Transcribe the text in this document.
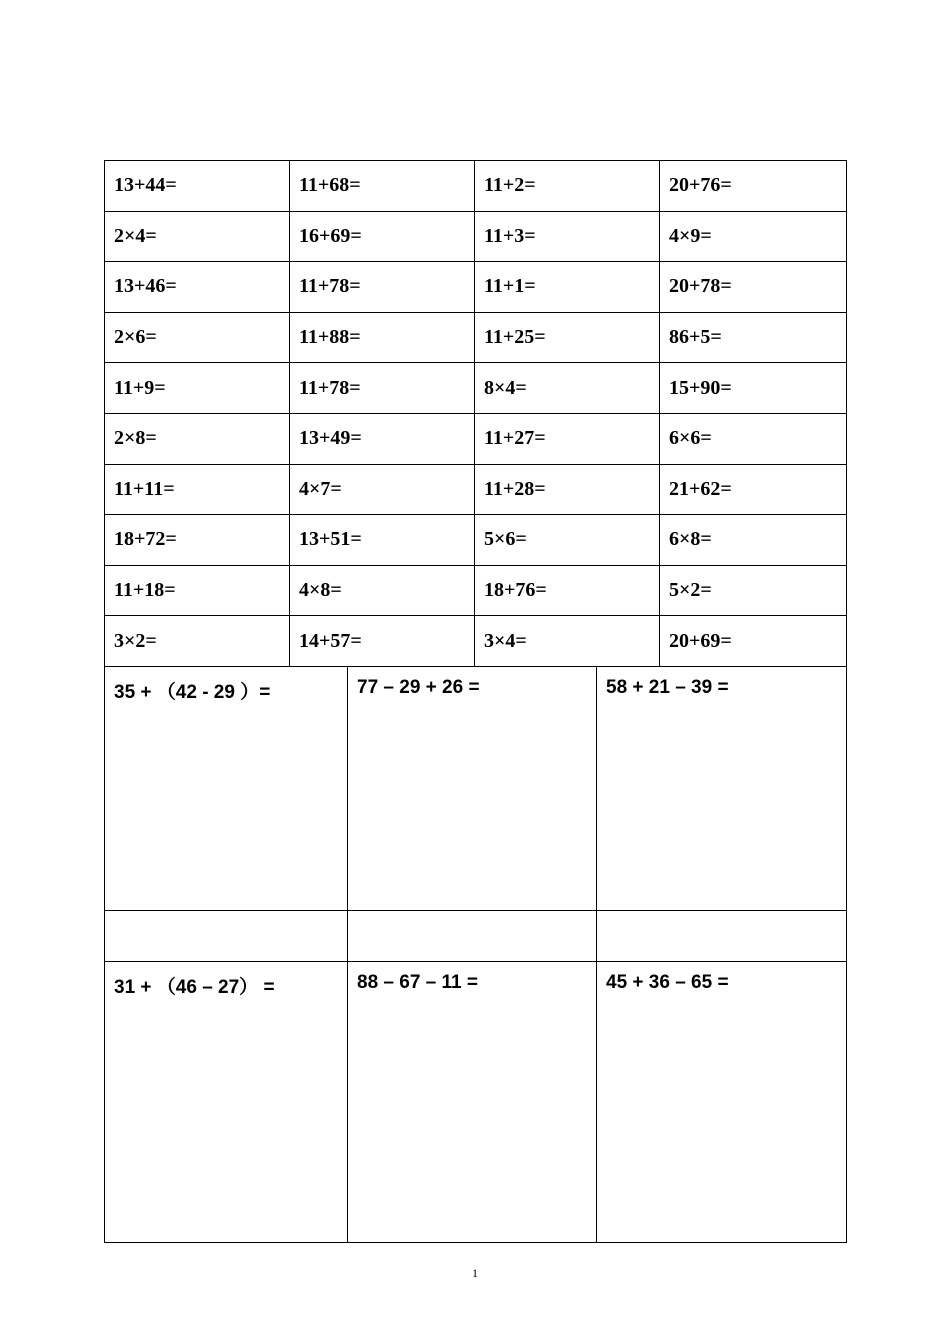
13+44=	11+68=	11+2=	20+76=
2×4=	16+69=	11+3=	4×9=
13+46=	11+78=	11+1=	20+78=
2×6=	11+88=	11+25=	86+5=
11+9=	11+78=	8×4=	15+90=
2×8=	13+49=	11+27=	6×6=
11+11=	4×7=	11+28=	21+62=
18+72=	13+51=	5×6=	6×8=
11+18=	4×8=	18+76=	5×2=
3×2=	14+57=	3×4=	20+69=
35 + （42 - 29 ）=	77 – 29 + 26 =	58 + 21 – 39 =

31 + （46 – 27） =	88 – 67 – 11 =	45 + 36 – 65 =
1
